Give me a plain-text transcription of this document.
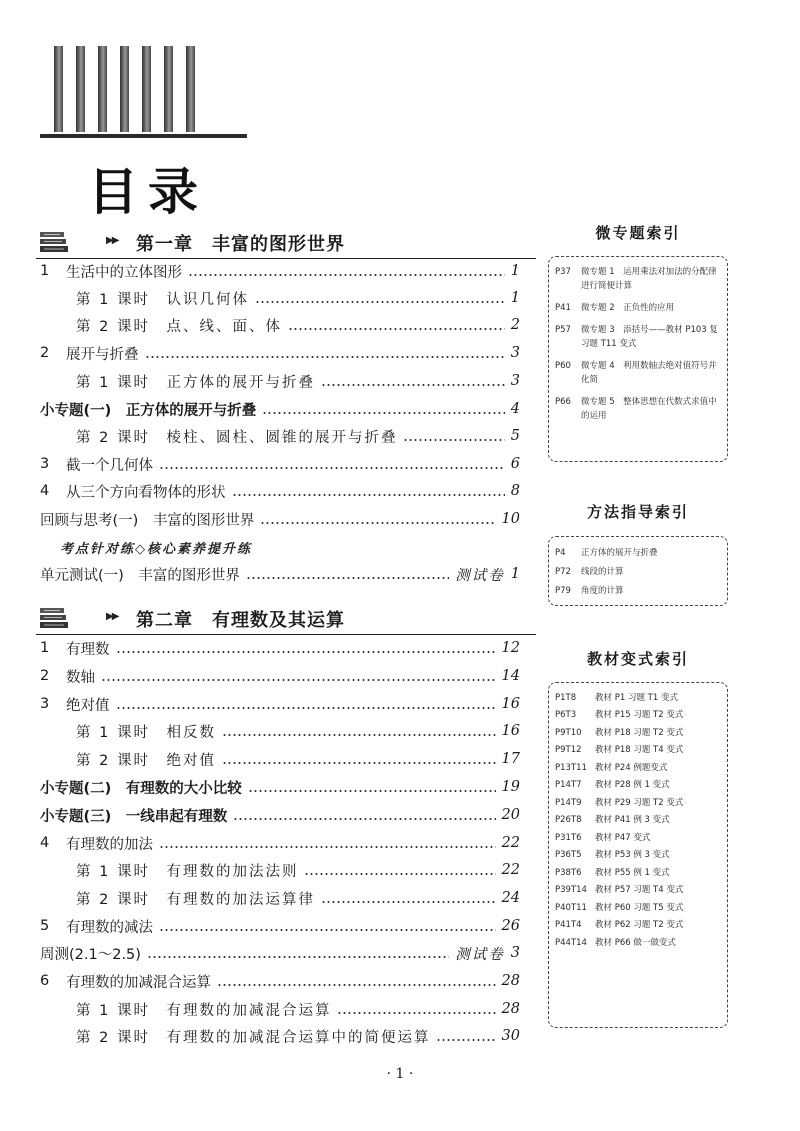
目录
▶▶ 第一章 丰富的图形世界
1	生活中的立体图形	1
第 1 课时　认识几何体	1
第 2 课时　点、线、面、体	2
2	展开与折叠	3
第 1 课时　正方体的展开与折叠	3
小专题(一)　正方体的展开与折叠	4
第 2 课时　棱柱、圆柱、圆锥的展开与折叠	5
3	截一个几何体	6
4	从三个方向看物体的形状	8
回顾与思考(一)　丰富的图形世界	10
考点针对练◇核心素养提升练
单元测试(一)　丰富的图形世界	测试卷 1
▶▶ 第二章 有理数及其运算
1	有理数	12
2	数轴	14
3	绝对值	16
第 1 课时　相反数	16
第 2 课时　绝对值	17
小专题(二)　有理数的大小比较	19
小专题(三)　一线串起有理数	20
4	有理数的加法	22
第 1 课时　有理数的加法法则	22
第 2 课时　有理数的加法运算律	24
5	有理数的减法	26
周测(2.1～2.5)	测试卷 3
6	有理数的加减混合运算	28
第 1 课时　有理数的加减混合运算	28
第 2 课时　有理数的加减混合运算中的简便运算	30
微专题索引
P37	微专题 1　运用乘法对加法的分配律进行简便计算
P41	微专题 2　正负性的应用
P57	微专题 3　添括号——教材 P103 复习题 T11 变式
P60	微专题 4　利用数轴去绝对值符号并化简
P66	微专题 5　整体思想在代数式求值中的运用
方法指导索引
P4	正方体的展开与折叠
P72	线段的计算
P79	角度的计算
教材变式索引
P1T8	教材 P1 习题 T1 变式
P6T3	教材 P15 习题 T2 变式
P9T10	教材 P18 习题 T2 变式
P9T12	教材 P18 习题 T4 变式
P13T11 教材 P24 例题变式
P14T7	教材 P28 例 1 变式
P14T9	教材 P29 习题 T2 变式
P26T8	教材 P41 例 3 变式
P31T6	教材 P47 变式
P36T5	教材 P53 例 3 变式
P38T6	教材 P55 例 1 变式
P39T14 教材 P57 习题 T4 变式
P40T11 教材 P60 习题 T5 变式
P41T4	教材 P62 习题 T2 变式
P44T14 教材 P66 做一做变式
· 1 ·
